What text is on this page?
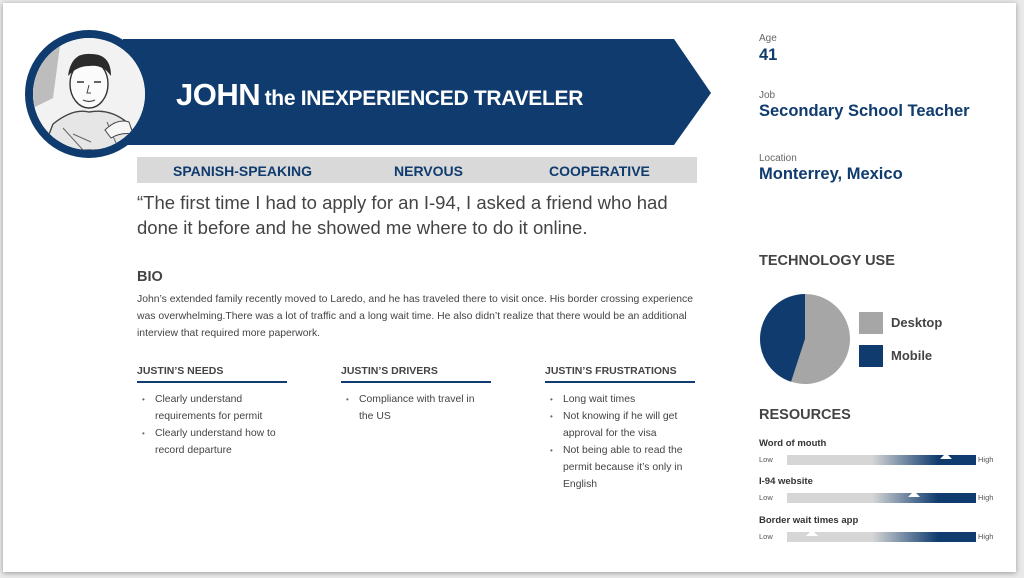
JOHN the INEXPERIENCED TRAVELER
SPANISH-SPEAKING	NERVOUS	COOPERATIVE
“The first time I had to apply for an I-94, I asked a friend who had done it before and he showed me where to do it online.
BIO
John’s extended family recently moved to Laredo, and he has traveled there to visit once. His border crossing experience was overwhelming.There was a lot of traffic and a long wait time. He also didn’t realize that there would be an additional interview that required more paperwork.
JUSTIN’S NEEDS
• Clearly understand requirements for permit
• Clearly understand how to record departure
JUSTIN’S DRIVERS
• Compliance with travel in the US
JUSTIN’S FRUSTRATIONS
• Long wait times
• Not knowing if he will get approval for the visa
• Not being able to read the permit because it’s only in English
Age
41
Job
Secondary School Teacher
Location
Monterrey, Mexico
TECHNOLOGY USE
Desktop
Mobile
RESOURCES
Word of mouth
Low	High
I-94 website
Low	High
Border wait times app
Low	High
